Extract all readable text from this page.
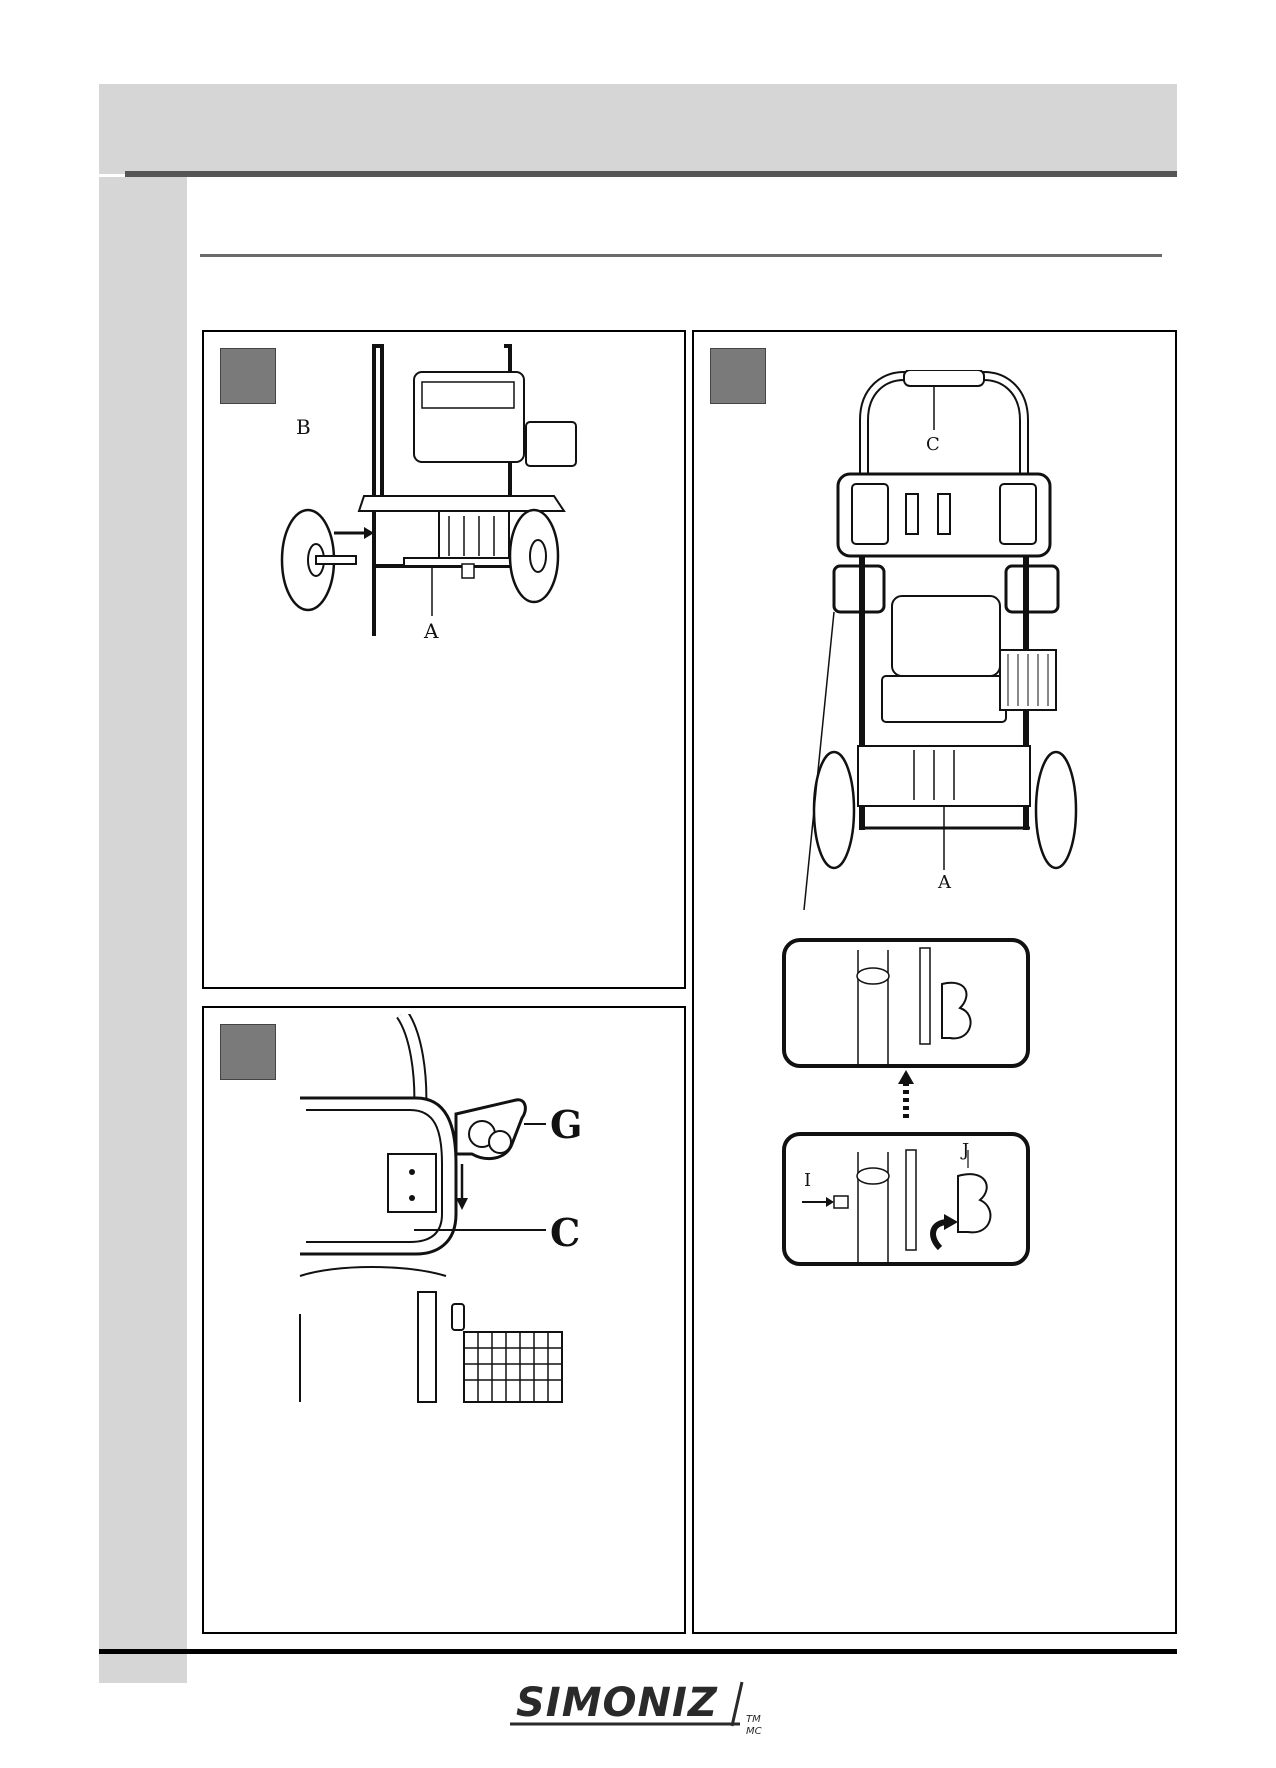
B
A
G
C
C
A
I
J
SIMONIZ	TM
MC
